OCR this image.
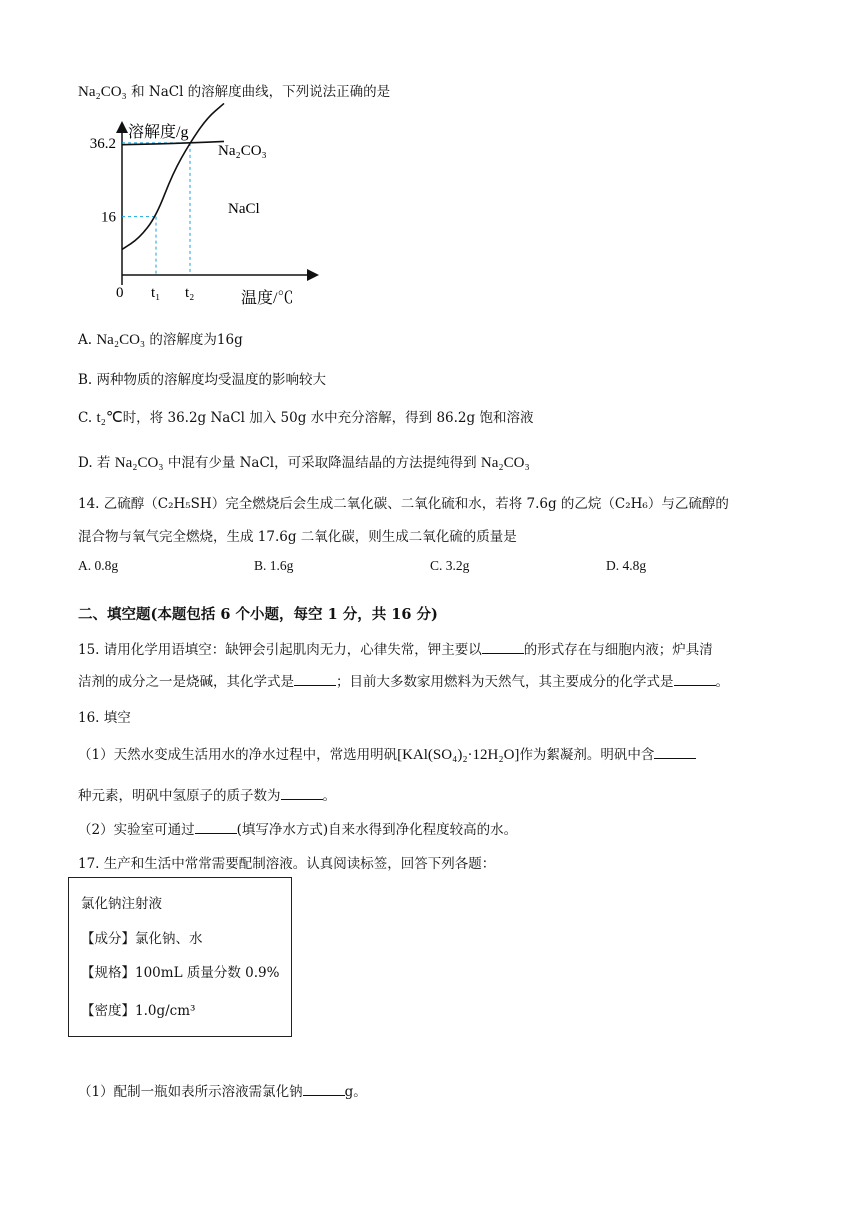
Na₂CO₃ 和 NaCl 的溶解度曲线，下列说法正确的是
溶解度/g
温度/℃
0 t₁ t₂
16
36.2	Na₂CO₃
NaCl
A. Na₂CO₃ 的溶解度为16g
B. 两种物质的溶解度均受温度的影响较大
C. t₂℃时，将 36.2g NaCl 加入 50g 水中充分溶解，得到 86.2g 饱和溶液
D. 若 Na₂CO₃ 中混有少量 NaCl，可采取降温结晶的方法提纯得到 Na₂CO₃
14. 乙硫醇（C₂H₅SH）完全燃烧后会生成二氧化碳、二氧化硫和水，若将 7.6g 的乙烷（C₂H₆）与乙硫醇的
混合物与氧气完全燃烧，生成 17.6g 二氧化碳，则生成二氧化硫的质量是
A. 0.8g	B. 1.6g	C. 3.2g	D. 4.8g
二、填空题(本题包括 6 个小题，每空 1 分，共 16 分)
15. 请用化学用语填空：缺钾会引起肌肉无力，心律失常，钾主要以	的形式存在与细胞内液；炉具清
洁剂的成分之一是烧碱，其化学式是	；目前大多数家用燃料为天然气，其主要成分的化学式是	。
16. 填空
（1）天然水变成生活用水的净水过程中，常选用明矾[KAl(SO₄)₂·12H₂O]作为絮凝剂。明矾中含
种元素，明矾中氢原子的质子数为	。
（2）实验室可通过	(填写净水方式)自来水得到净化程度较高的水。
17. 生产和生活中常常需要配制溶液。认真阅读标签，回答下列各题：
氯化钠注射液
【成分】氯化钠、水
【规格】100mL 质量分数 0.9%
【密度】1.0g/cm³
（1）配制一瓶如表所示溶液需氯化钠	g。
